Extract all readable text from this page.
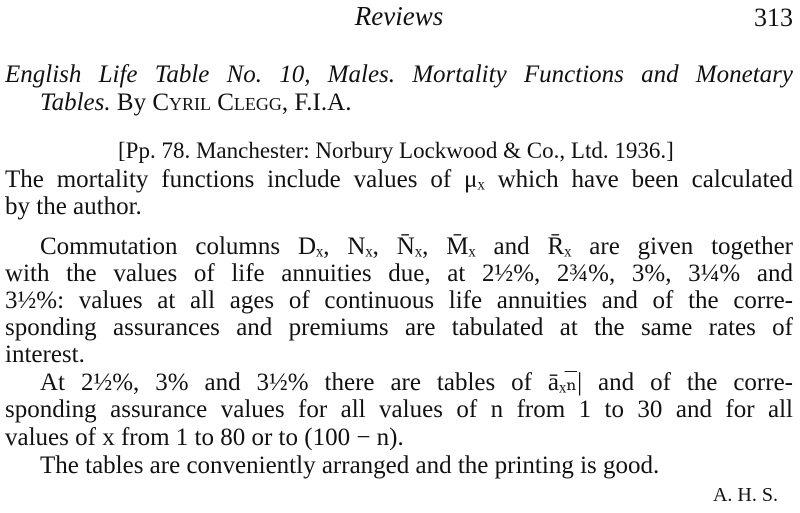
Reviews	313
English Life Table No. 10, Males. Mortality Functions and Monetary
Tables. By Cyril Clegg, F.I.A.
[Pp. 78. Manchester: Norbury Lockwood & Co., Ltd. 1936.]
The mortality functions include values of μₓ which have been calculated
by the author.
Commutation columns Dₓ, Nₓ, N̄ₓ, M̄ₓ and R̄ₓ are given together
with the values of life annuities due, at 2½%, 2¾%, 3%, 3¼% and
3½%: values at all ages of continuous life annuities and of the corre-
sponding assurances and premiums are tabulated at the same rates of
interest.
At 2½%, 3% and 3½% there are tables of āₓₙ̅| and of the corre-
sponding assurance values for all values of n from 1 to 30 and for all
values of x from 1 to 80 or to (100 − n).
The tables are conveniently arranged and the printing is good.
A. H. S.
